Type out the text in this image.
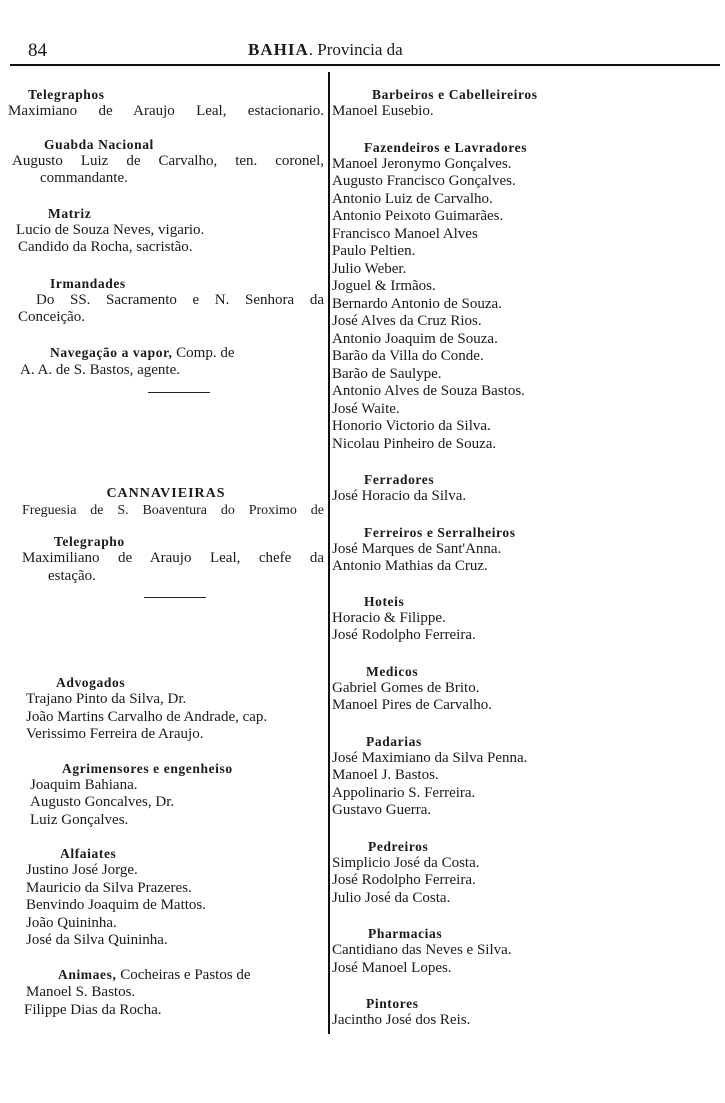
84	BAHIA. Provincia da
Telegraphos
Maximiano de Araujo Leal, estacionario.
Guabda Nacional
Augusto Luiz de Carvalho, ten. coronel,
commandante.
Matriz
Lucio de Souza Neves, vigario.
Candido da Rocha, sacristão.
Irmandades
Do SS. Sacramento e N. Senhora da
Conceição.
Navegação a vapor, Comp. de
A. A. de S. Bastos, agente.
CANNAVIEIRAS
Freguesia de S. Boaventura do Proximo de
Telegrapho
Maximiliano de Araujo Leal, chefe da
estação.
Advogados
Trajano Pinto da Silva, Dr.
João Martins Carvalho de Andrade, cap.
Verissimo Ferreira de Araujo.
Agrimensores e engenheiso
Joaquim Bahiana.
Augusto Goncalves, Dr.
Luiz Gonçalves.
Alfaiates
Justino José Jorge.
Mauricio da Silva Prazeres.
Benvindo Joaquim de Mattos.
João Quininha.
José da Silva Quininha.
Animaes, Cocheiras e Pastos de
Manoel S. Bastos.
Filippe Dias da Rocha.
Barbeiros e Cabelleireiros
Manoel Eusebio.
Fazendeiros e Lavradores
Manoel Jeronymo Gonçalves.
Augusto Francisco Gonçalves.
Antonio Luiz de Carvalho.
Antonio Peixoto Guimarães.
Francisco Manoel Alves
Paulo Peltien.
Julio Weber.
Joguel & Irmãos.
Bernardo Antonio de Souza.
José Alves da Cruz Rios.
Antonio Joaquim de Souza.
Barão da Villa do Conde.
Barão de Saulype.
Antonio Alves de Souza Bastos.
José Waite.
Honorio Victorio da Silva.
Nicolau Pinheiro de Souza.
Ferradores
José Horacio da Silva.
Ferreiros e Serralheiros
José Marques de Sant'Anna.
Antonio Mathias da Cruz.
Hoteis
Horacio & Filippe.
José Rodolpho Ferreira.
Medicos
Gabriel Gomes de Brito.
Manoel Pires de Carvalho.
Padarias
José Maximiano da Silva Penna.
Manoel J. Bastos.
Appolinario S. Ferreira.
Gustavo Guerra.
Pedreiros
Simplicio José da Costa.
José Rodolpho Ferreira.
Julio José da Costa.
Pharmacias
Cantidiano das Neves e Silva.
José Manoel Lopes.
Pintores
Jacintho José dos Reis.
